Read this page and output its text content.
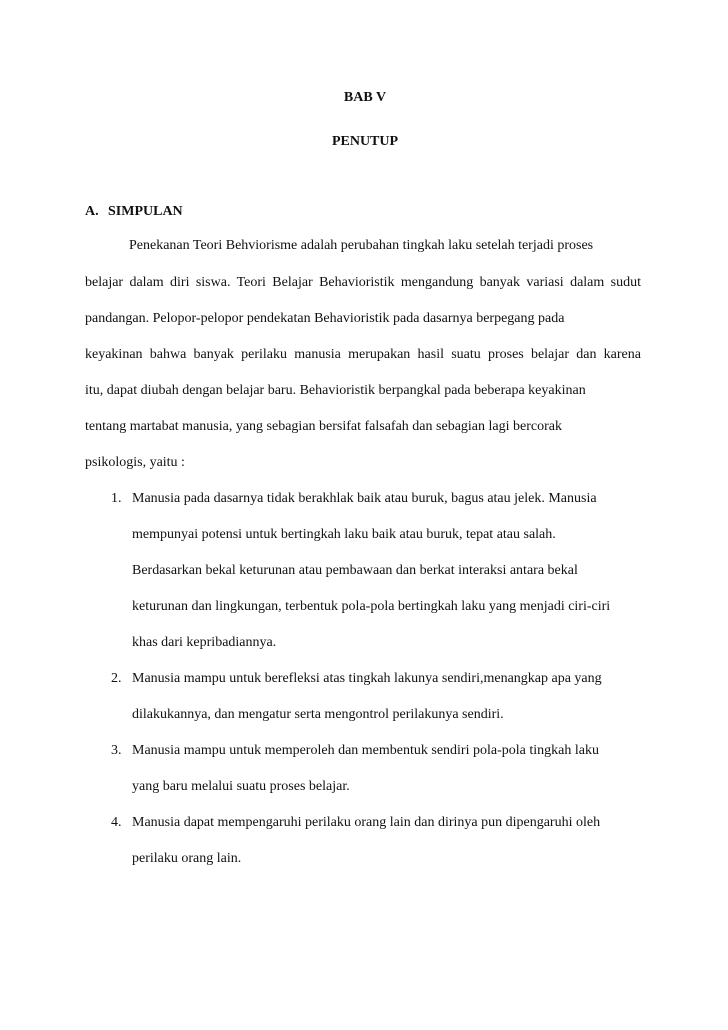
BAB V
PENUTUP
A. SIMPULAN
Penekanan Teori Behviorisme adalah perubahan tingkah laku setelah terjadi proses
belajar dalam diri siswa. Teori Belajar Behavioristik mengandung banyak variasi dalam sudut
pandangan. Pelopor-pelopor pendekatan Behavioristik pada dasarnya berpegang pada
keyakinan bahwa banyak perilaku manusia merupakan hasil suatu proses belajar dan karena
itu, dapat diubah dengan belajar baru. Behavioristik berpangkal pada beberapa keyakinan
tentang martabat manusia, yang sebagian bersifat falsafah dan sebagian lagi bercorak
psikologis, yaitu :
1. Manusia pada dasarnya tidak berakhlak baik atau buruk, bagus atau jelek. Manusia
mempunyai potensi untuk bertingkah laku baik atau buruk, tepat atau salah.
Berdasarkan bekal keturunan atau pembawaan dan berkat interaksi antara bekal
keturunan dan lingkungan, terbentuk pola-pola bertingkah laku yang menjadi ciri-ciri
khas dari kepribadiannya.
2. Manusia mampu untuk berefleksi atas tingkah lakunya sendiri,menangkap apa yang
dilakukannya, dan mengatur serta mengontrol perilakunya sendiri.
3. Manusia mampu untuk memperoleh dan membentuk sendiri pola-pola tingkah laku
yang baru melalui suatu proses belajar.
4. Manusia dapat mempengaruhi perilaku orang lain dan dirinya pun dipengaruhi oleh
perilaku orang lain.
